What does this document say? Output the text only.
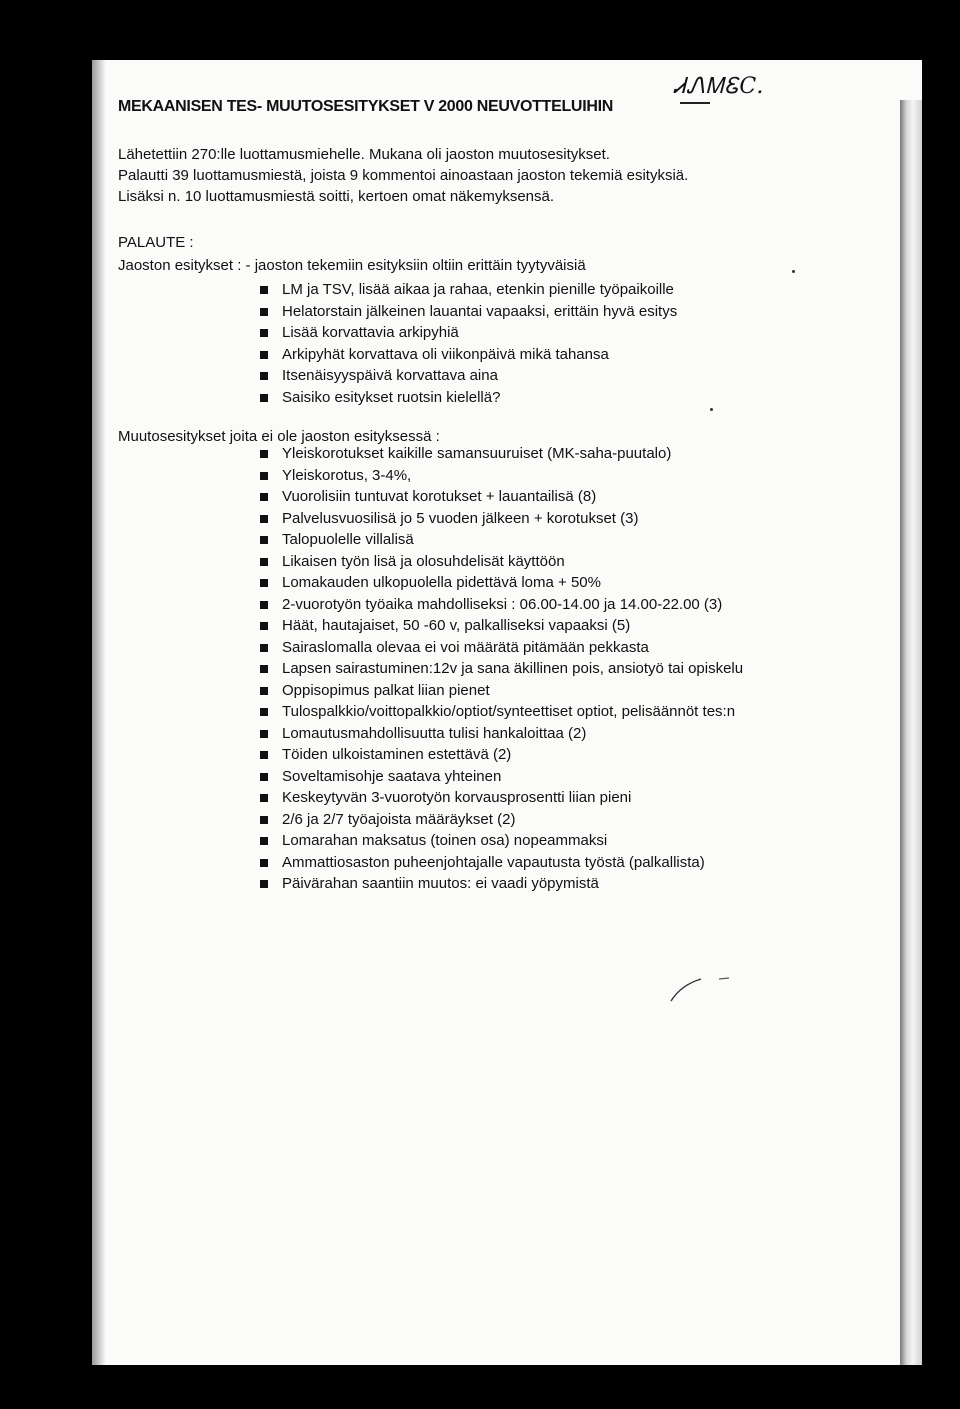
MEKAANISEN TES- MUUTOSESITYKSET V 2000 NEUVOTTELUIHIN
ᏗᏁᎷᏋC.
Lähetettiin 270:lle luottamusmiehelle. Mukana oli jaoston muutosesitykset.
Palautti 39 luottamusmiestä, joista 9 kommentoi ainoastaan jaoston tekemiä esityksiä.
Lisäksi n. 10 luottamusmiestä soitti, kertoen omat näkemyksensä.
PALAUTE :
Jaoston esitykset : - jaoston tekemiin esityksiin oltiin erittäin tyytyväisiä
LM ja TSV, lisää aikaa ja rahaa, etenkin pienille työpaikoille
Helatorstain jälkeinen lauantai vapaaksi, erittäin hyvä esitys
Lisää korvattavia arkipyhiä
Arkipyhät korvattava oli viikonpäivä mikä tahansa
Itsenäisyyspäivä korvattava aina
Saisiko esitykset ruotsin kielellä?
Muutosesitykset joita ei ole jaoston esityksessä :
Yleiskorotukset kaikille samansuuruiset (MK-saha-puutalo)
Yleiskorotus, 3-4%,
Vuorolisiin tuntuvat korotukset + lauantailisä (8)
Palvelusvuosilisä jo 5 vuoden jälkeen + korotukset (3)
Talopuolelle villalisä
Likaisen työn lisä ja olosuhdelisät käyttöön
Lomakauden ulkopuolella pidettävä loma + 50%
2-vuorotyön työaika mahdolliseksi : 06.00-14.00 ja 14.00-22.00 (3)
Häät, hautajaiset, 50 -60 v, palkalliseksi vapaaksi (5)
Sairaslomalla olevaa ei voi määrätä pitämään pekkasta
Lapsen sairastuminen:12v ja sana äkillinen pois, ansiotyö tai opiskelu
Oppisopimus palkat liian pienet
Tulospalkkio/voittopalkkio/optiot/synteettiset optiot, pelisäännöt tes:n
Lomautusmahdollisuutta tulisi hankaloittaa (2)
Töiden ulkoistaminen estettävä (2)
Soveltamisohje saatava yhteinen
Keskeytyvän 3-vuorotyön korvausprosentti liian pieni
2/6 ja 2/7 työajoista määräykset (2)
Lomarahan maksatus (toinen osa) nopeammaksi
Ammattiosaston puheenjohtajalle vapautusta työstä (palkallista)
Päivärahan saantiin muutos: ei vaadi yöpymistä
